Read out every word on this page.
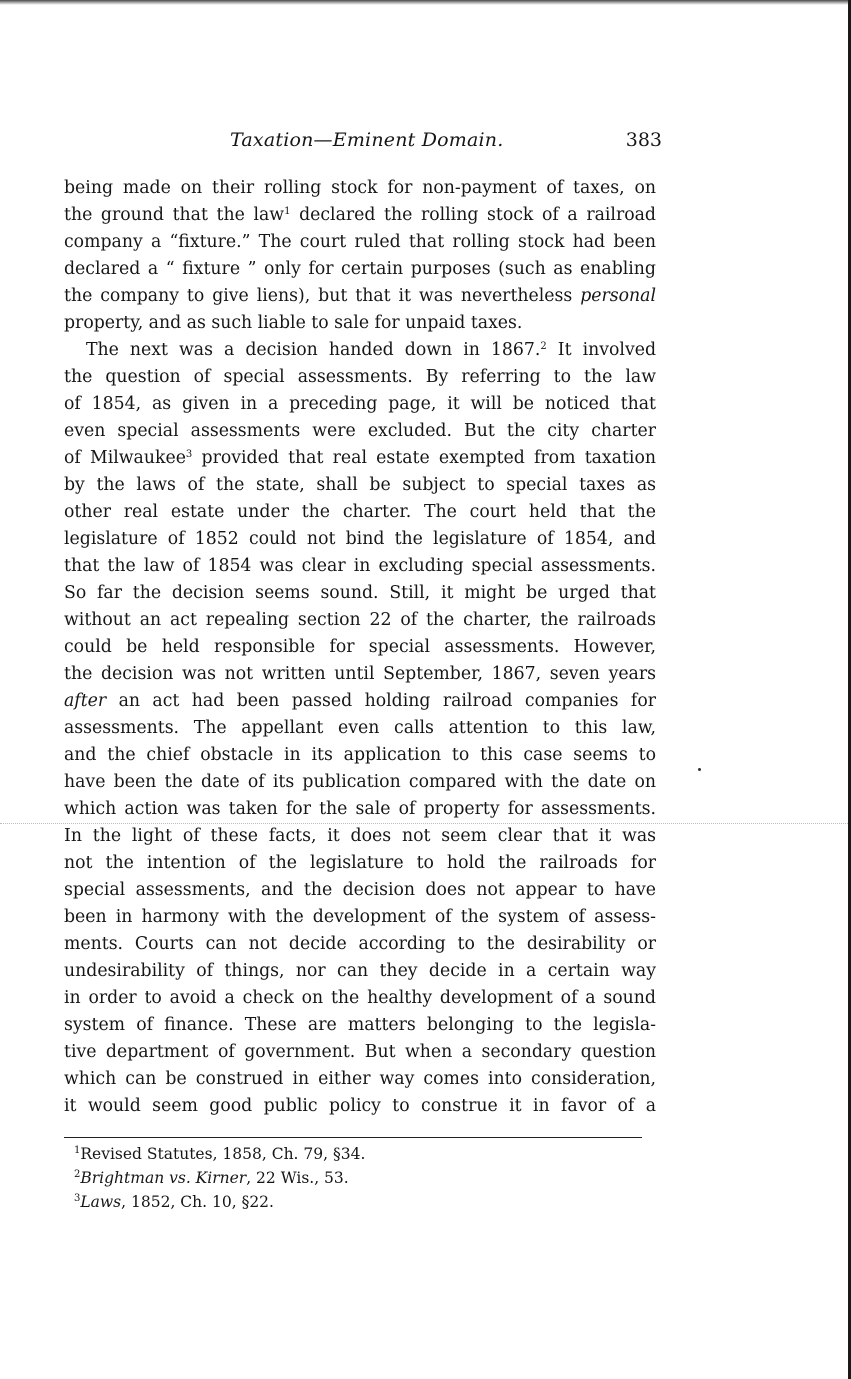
Taxation—Eminent Domain.	383
being made on their rolling stock for non-payment of taxes, on
the ground that the law$^1$ declared the rolling stock of a railroad
company a “fixture.” The court ruled that rolling stock had been
declared a “ fixture ” only for certain purposes (such as enabling
the company to give liens), but that it was nevertheless personal
property, and as such liable to sale for unpaid taxes.
The next was a decision handed down in 1867.$^2$ It involved
the question of special assessments. By referring to the law
of 1854, as given in a preceding page, it will be noticed that
even special assessments were excluded. But the city charter
of Milwaukee$^3$ provided that real estate exempted from taxation
by the laws of the state, shall be subject to special taxes as
other real estate under the charter. The court held that the
legislature of 1852 could not bind the legislature of 1854, and
that the law of 1854 was clear in excluding special assessments.
So far the decision seems sound. Still, it might be urged that
without an act repealing section 22 of the charter, the railroads
could be held responsible for special assessments. However,
the decision was not written until September, 1867, seven years
after an act had been passed holding railroad companies for
assessments. The appellant even calls attention to this law,
and the chief obstacle in its application to this case seems to
have been the date of its publication compared with the date on
which action was taken for the sale of property for assessments.
In the light of these facts, it does not seem clear that it was
not the intention of the legislature to hold the railroads for
special assessments, and the decision does not appear to have
been in harmony with the development of the system of assess-
ments. Courts can not decide according to the desirability or
undesirability of things, nor can they decide in a certain way
in order to avoid a check on the healthy development of a sound
system of finance. These are matters belonging to the legisla-
tive department of government. But when a secondary question
which can be construed in either way comes into consideration,
it would seem good public policy to construe it in favor of a
$^1$Revised Statutes, 1858, Ch. 79, §34.
$^2$Brightman vs. Kirner, 22 Wis., 53.
$^3$Laws, 1852, Ch. 10, §22.
